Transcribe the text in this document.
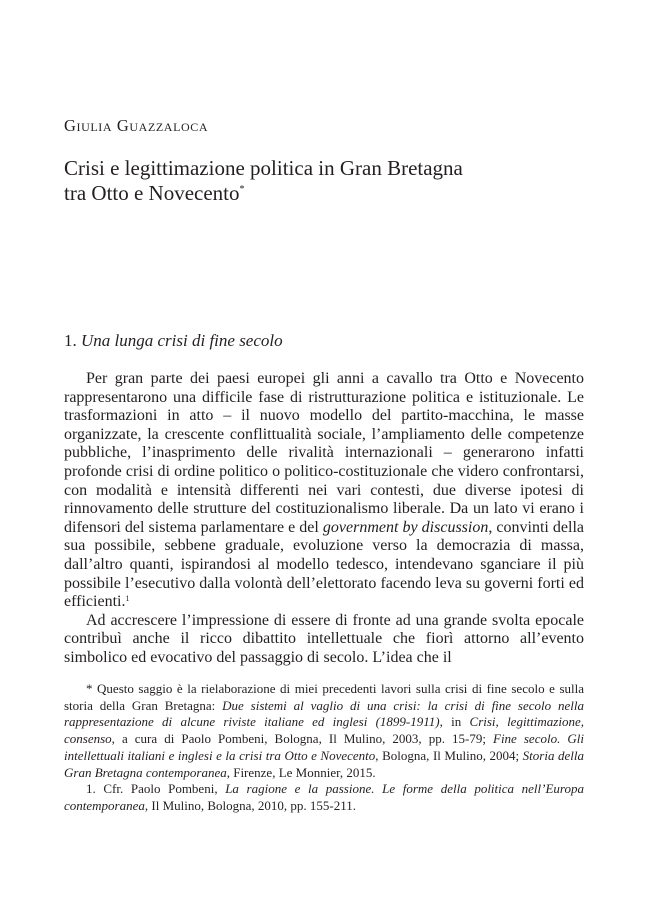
Giulia Guazzaloca

Crisi e legittimazione politica in Gran Bretagna
tra Otto e Novecento*
1. Una lunga crisi di fine secolo

Per gran parte dei paesi europei gli anni a cavallo tra Otto e Novecento rappresentarono una difficile fase di ristrutturazione politica e istituzionale. Le trasformazioni in atto – il nuovo modello del partito-macchina, le masse organizzate, la crescente conflittualità sociale, l’ampliamento delle competenze pubbliche, l’inasprimento delle rivalità internazionali – generarono infatti profonde crisi di ordine politico o politico-costituzionale che videro confrontarsi, con modalità e intensità differenti nei vari contesti, due diverse ipotesi di rinnovamento delle strutture del costituzionalismo liberale. Da un lato vi erano i difensori del sistema parlamentare e del government by discussion, convinti della sua possibile, sebbene graduale, evoluzione verso la democrazia di massa, dall’altro quanti, ispirandosi al modello tedesco, intendevano sganciare il più possibile l’esecutivo dalla volontà dell’elettorato facendo leva su governi forti ed efficienti.$^1$

Ad accrescere l’impressione di essere di fronte ad una grande svolta epocale contribuì anche il ricco dibattito intellettuale che fiorì attorno all’evento simbolico ed evocativo del passaggio di secolo. L’idea che il

* Questo saggio è la rielaborazione di miei precedenti lavori sulla crisi di fine secolo e sulla storia della Gran Bretagna: Due sistemi al vaglio di una crisi: la crisi di fine secolo nella rappresentazione di alcune riviste italiane ed inglesi (1899-1911), in Crisi, legittimazione, consenso, a cura di Paolo Pombeni, Bologna, Il Mulino, 2003, pp. 15-79; Fine secolo. Gli intellettuali italiani e inglesi e la crisi tra Otto e Novecento, Bologna, Il Mulino, 2004; Storia della Gran Bretagna contemporanea, Firenze, Le Monnier, 2015.

1. Cfr. Paolo Pombeni, La ragione e la passione. Le forme della politica nell’Europa contemporanea, Il Mulino, Bologna, 2010, pp. 155-211.
